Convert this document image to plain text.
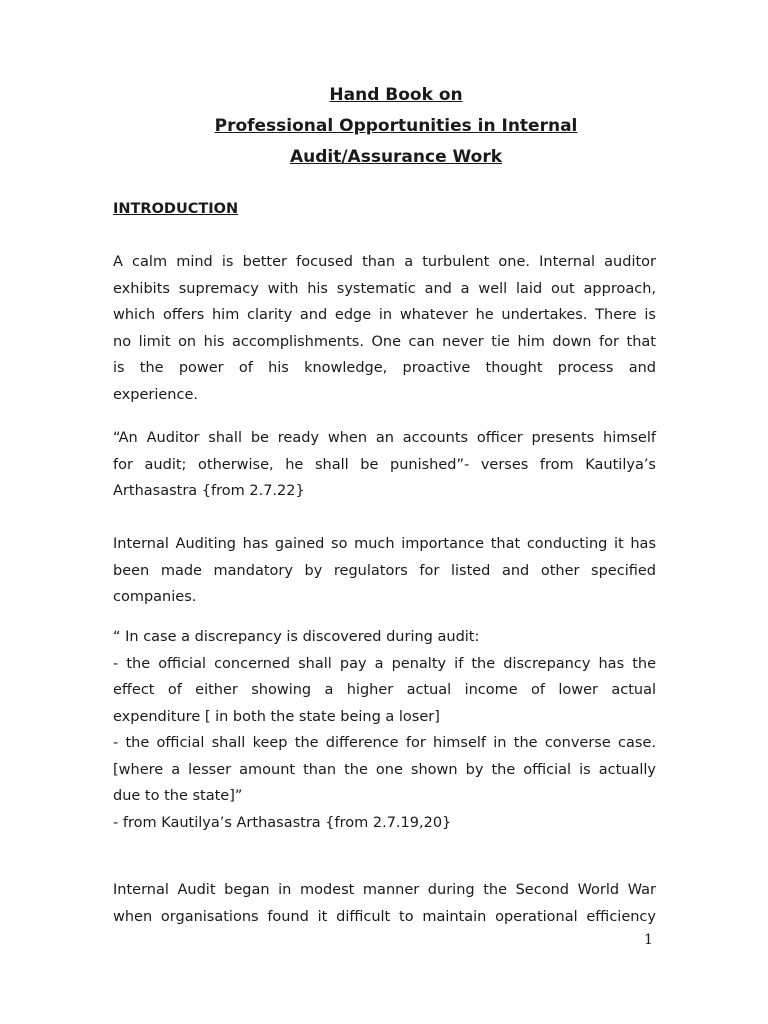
Hand Book on
Professional Opportunities in Internal
Audit/Assurance Work
INTRODUCTION
A calm mind is better focused than a turbulent one. Internal auditor
exhibits supremacy with his systematic and a well laid out approach,
which offers him clarity and edge in whatever he undertakes. There is
no limit on his accomplishments. One can never tie him down for that
is the power of his knowledge, proactive thought process and
experience.
“An Auditor shall be ready when an accounts officer presents himself
for audit; otherwise, he shall be punished”- verses from Kautilya’s
Arthasastra {from 2.7.22}
Internal Auditing has gained so much importance that conducting it has
been made mandatory by regulators for listed and other specified
companies.
“ In case a discrepancy is discovered during audit:
- the official concerned shall pay a penalty if the discrepancy has the
effect of either showing a higher actual income of lower actual
expenditure [ in both the state being a loser]
- the official shall keep the difference for himself in the converse case.
[where a lesser amount than the one shown by the official is actually
due to the state]”
- from Kautilya’s Arthasastra {from 2.7.19,20}
Internal Audit began in modest manner during the Second World War
when organisations found it difficult to maintain operational efficiency
1
